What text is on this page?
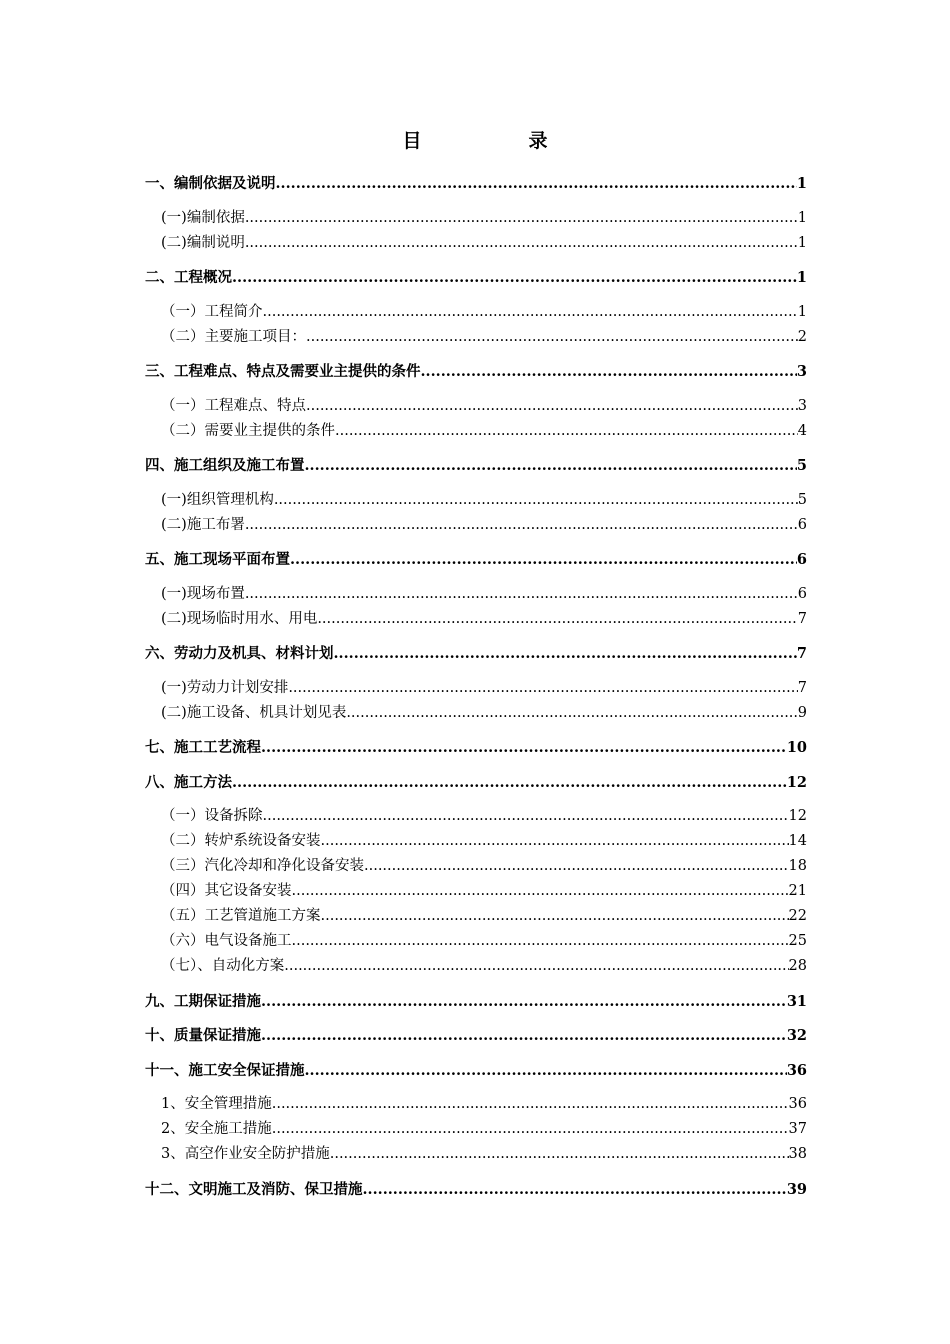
目　录
一、编制依据及说明 .....	1
(一)编制依据 .....	1
(二)编制说明 .....	1
二、工程概况 .....	1
（一）工程简介 .....	1
（二）主要施工项目： .....	2
三、工程难点、特点及需要业主提供的条件 .....	3
（一）工程难点、特点 .....	3
（二）需要业主提供的条件 .....	4
四、施工组织及施工布置 .....	5
(一)组织管理机构 .....	5
(二)施工布署 .....	6
五、施工现场平面布置 .....	6
(一)现场布置 .....	6
(二)现场临时用水、用电 .....	7
六、劳动力及机具、材料计划 .....	7
(一)劳动力计划安排 .....	7
(二)施工设备、机具计划见表 .....	9
七、施工工艺流程 .....	10
八、施工方法 .....	12
（一）设备拆除 .....	12
（二）转炉系统设备安装 .....	14
（三）汽化冷却和净化设备安装 .....	18
（四）其它设备安装 .....	21
（五）工艺管道施工方案 .....	22
（六）电气设备施工 .....	25
（七）、自动化方案 .....	28
九、工期保证措施 .....	31
十、质量保证措施 .....	32
十一、施工安全保证措施 .....	36
1、安全管理措施 .....	36
2、安全施工措施 .....	37
3、高空作业安全防护措施 .....	38
十二、文明施工及消防、保卫措施 .....	39
